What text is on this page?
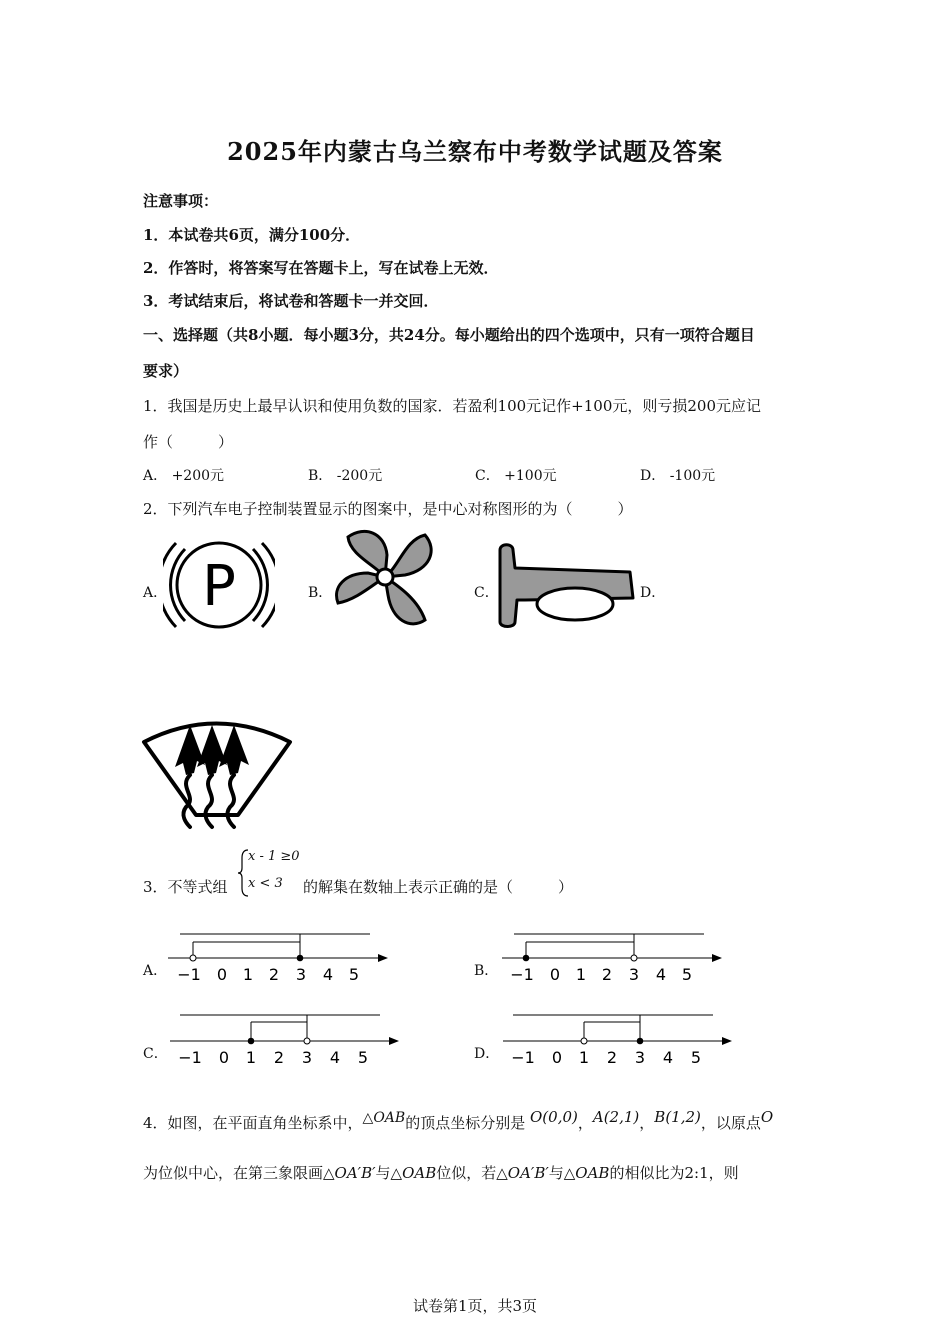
2025年内蒙古乌兰察布中考数学试题及答案
注意事项：
1．本试卷共6页，满分100分．
2．作答时，将答案写在答题卡上，写在试卷上无效．
3．考试结束后，将试卷和答题卡一并交回．
一、选择题（共8小题．每小题3分，共24分。每小题给出的四个选项中，只有一项符合题目
要求）
1．我国是历史上最早认识和使用负数的国家．若盈利100元记作+100元，则亏损200元应记
作（　　　）
A． +200元	B． -200元	C． +100元	D． -100元
2．下列汽车电子控制装置显示的图案中，是中心对称图形的为（　　　）
A． P	B．	C．	D．
3．不等式组
x - 1 ≥0
x < 3 的解集在数轴上表示正确的是（　　　）
A．	B．
C．	D．
−1 0 1 2 3 4 5	−1 0 1 2 3 4 5
−1 0 1 2 3 4 5	−1 0 1 2 3 4 5
4．如图，在平面直角坐标系中，△OAB的顶点坐标分别是 O(0,0)，A(2,1)，B(1,2)，以原点O
为位似中心，在第三象限画△OA′B′与△OAB位似，若△OA′B′与△OAB的相似比为2:1，则
试卷第1页，共3页
